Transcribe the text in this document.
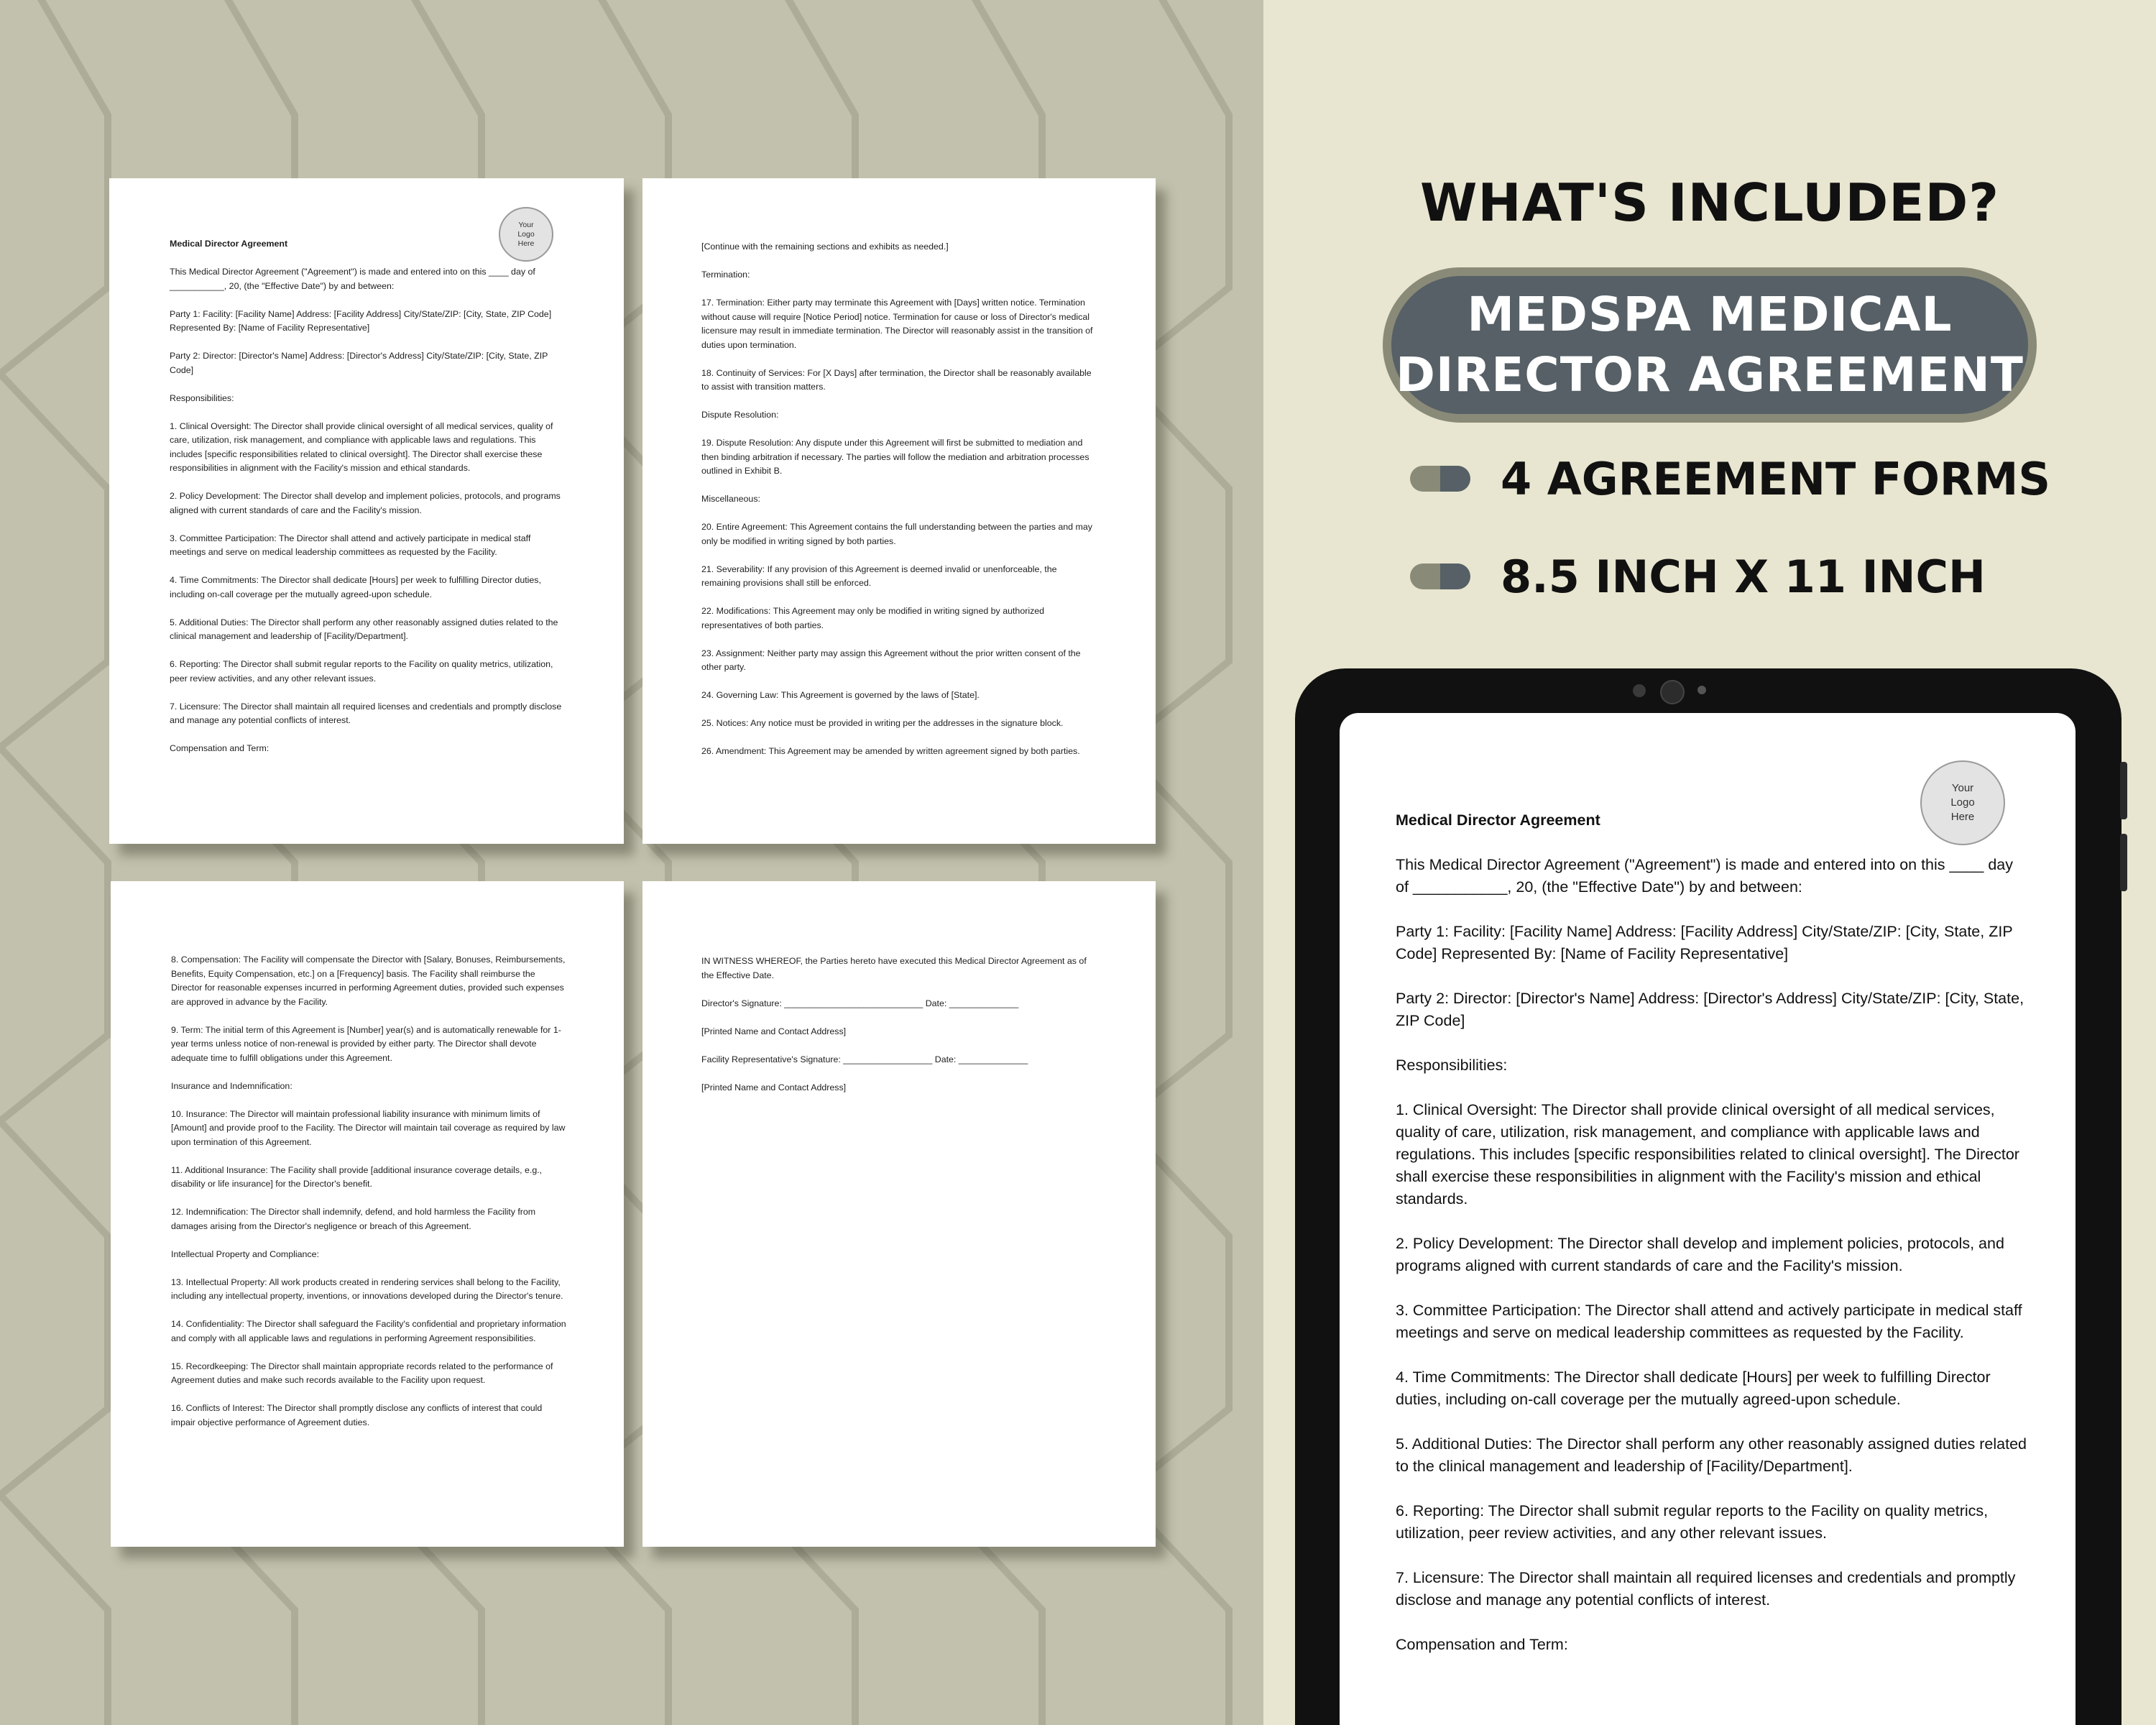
Your
Logo
Here

Medical Director Agreement

This Medical Director Agreement ("Agreement") is made and entered into on this ____ day of ___________, 20, (the "Effective Date") by and between:

Party 1: Facility: [Facility Name] Address: [Facility Address] City/State/ZIP: [City, State, ZIP Code] Represented By: [Name of Facility Representative]

Party 2: Director: [Director's Name] Address: [Director's Address] City/State/ZIP: [City, State, ZIP Code]

Responsibilities:

1. Clinical Oversight: The Director shall provide clinical oversight of all medical services, quality of care, utilization, risk management, and compliance with applicable laws and regulations. This includes [specific responsibilities related to clinical oversight]. The Director shall exercise these responsibilities in alignment with the Facility's mission and ethical standards.

2. Policy Development: The Director shall develop and implement policies, protocols, and programs aligned with current standards of care and the Facility's mission.

3. Committee Participation: The Director shall attend and actively participate in medical staff meetings and serve on medical leadership committees as requested by the Facility.

4. Time Commitments: The Director shall dedicate [Hours] per week to fulfilling Director duties, including on-call coverage per the mutually agreed-upon schedule.

5. Additional Duties: The Director shall perform any other reasonably assigned duties related to the clinical management and leadership of [Facility/Department].

6. Reporting: The Director shall submit regular reports to the Facility on quality metrics, utilization, peer review activities, and any other relevant issues.

7. Licensure: The Director shall maintain all required licenses and credentials and promptly disclose and manage any potential conflicts of interest.

Compensation and Term:

[Continue with the remaining sections and exhibits as needed.]

Termination:

17. Termination: Either party may terminate this Agreement with [Days] written notice. Termination without cause will require [Notice Period] notice. Termination for cause or loss of Director's medical licensure may result in immediate termination. The Director will reasonably assist in the transition of duties upon termination.

18. Continuity of Services: For [X Days] after termination, the Director shall be reasonably available to assist with transition matters.

Dispute Resolution:

19. Dispute Resolution: Any dispute under this Agreement will first be submitted to mediation and then binding arbitration if necessary. The parties will follow the mediation and arbitration processes outlined in Exhibit B.

Miscellaneous:

20. Entire Agreement: This Agreement contains the full understanding between the parties and may only be modified in writing signed by both parties.

21. Severability: If any provision of this Agreement is deemed invalid or unenforceable, the remaining provisions shall still be enforced.

22. Modifications: This Agreement may only be modified in writing signed by authorized representatives of both parties.

23. Assignment: Neither party may assign this Agreement without the prior written consent of the other party.

24. Governing Law: This Agreement is governed by the laws of [State].

25. Notices: Any notice must be provided in writing per the addresses in the signature block.

26. Amendment: This Agreement may be amended by written agreement signed by both parties.

8. Compensation: The Facility will compensate the Director with [Salary, Bonuses, Reimbursements, Benefits, Equity Compensation, etc.] on a [Frequency] basis. The Facility shall reimburse the Director for reasonable expenses incurred in performing Agreement duties, provided such expenses are approved in advance by the Facility.

9. Term: The initial term of this Agreement is [Number] year(s) and is automatically renewable for 1-year terms unless notice of non-renewal is provided by either party. The Director shall devote adequate time to fulfill obligations under this Agreement.

Insurance and Indemnification:

10. Insurance: The Director will maintain professional liability insurance with minimum limits of [Amount] and provide proof to the Facility. The Director will maintain tail coverage as required by law upon termination of this Agreement.

11. Additional Insurance: The Facility shall provide [additional insurance coverage details, e.g., disability or life insurance] for the Director's benefit.

12. Indemnification: The Director shall indemnify, defend, and hold harmless the Facility from damages arising from the Director's negligence or breach of this Agreement.

Intellectual Property and Compliance:

13. Intellectual Property: All work products created in rendering services shall belong to the Facility, including any intellectual property, inventions, or innovations developed during the Director's tenure.

14. Confidentiality: The Director shall safeguard the Facility's confidential and proprietary information and comply with all applicable laws and regulations in performing Agreement responsibilities.

15. Recordkeeping: The Director shall maintain appropriate records related to the performance of Agreement duties and make such records available to the Facility upon request.

16. Conflicts of Interest: The Director shall promptly disclose any conflicts of interest that could impair objective performance of Agreement duties.

IN WITNESS WHEREOF, the Parties hereto have executed this Medical Director Agreement as of the Effective Date.

Director's Signature: ____________________________ Date: ______________

[Printed Name and Contact Address]

Facility Representative's Signature: __________________ Date: ______________

[Printed Name and Contact Address]

WHAT'S INCLUDED?
MEDSPA MEDICAL
DIRECTOR AGREEMENT
4 AGREEMENT FORMS
8.5 INCH X 11 INCH
Your
Logo
Here

Medical Director Agreement

This Medical Director Agreement ("Agreement") is made and entered into on this ____ day of ___________, 20, (the "Effective Date") by and between:

Party 1: Facility: [Facility Name] Address: [Facility Address] City/State/ZIP: [City, State, ZIP Code] Represented By: [Name of Facility Representative]

Party 2: Director: [Director's Name] Address: [Director's Address] City/State/ZIP: [City, State, ZIP Code]

Responsibilities:

1. Clinical Oversight: The Director shall provide clinical oversight of all medical services, quality of care, utilization, risk management, and compliance with applicable laws and regulations. This includes [specific responsibilities related to clinical oversight]. The Director shall exercise these responsibilities in alignment with the Facility's mission and ethical standards.

2. Policy Development: The Director shall develop and implement policies, protocols, and programs aligned with current standards of care and the Facility's mission.

3. Committee Participation: The Director shall attend and actively participate in medical staff meetings and serve on medical leadership committees as requested by the Facility.

4. Time Commitments: The Director shall dedicate [Hours] per week to fulfilling Director duties, including on-call coverage per the mutually agreed-upon schedule.

5. Additional Duties: The Director shall perform any other reasonably assigned duties related to the clinical management and leadership of [Facility/Department].

6. Reporting: The Director shall submit regular reports to the Facility on quality metrics, utilization, peer review activities, and any other relevant issues.

7. Licensure: The Director shall maintain all required licenses and credentials and promptly disclose and manage any potential conflicts of interest.

Compensation and Term:
